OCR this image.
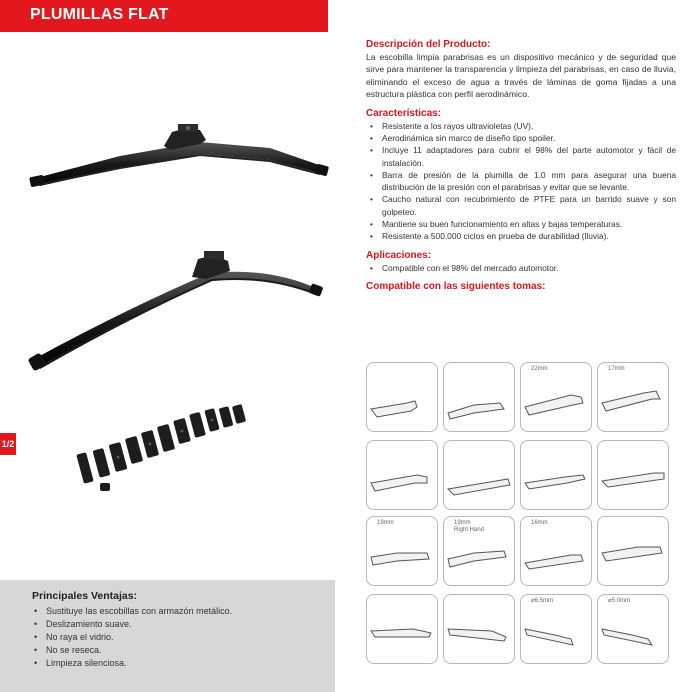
PLUMILLAS FLAT
1/2
Principales Ventajas:
• Sustituye las escobillas con armazón metálico.
• Deslizamiento suave.
• No raya el vidrio.
• No se reseca.
• Limpieza silenciosa.
Descripción del Producto:

La escobilla limpia parabrisas es un dispositivo mecánico y de seguridad que sirve para mantener la transparencia y limpieza del parabrisas, en caso de lluvia, eliminando el exceso de agua a través de láminas de goma fijadas a una estructura plástica con perfil aerodinámico.

Características:
• Resistente a los rayos ultravioletas (UV).
• Aerodinámica sin marco de diseño tipo spoiler.
• Incluye 11 adaptadores para cubrir el 98% del parte automotor y fácil de instalación.
• Barra de presión de la plumilla de 1.0 mm para asegurar una buena distribución de la presión con el parabrisas y evitar que se levante.
• Caucho natural con recubrimiento de PTFE para un barrido suave y son golpeteo.
• Mantiene su buen funcionamiento en altas y bajas temperaturas.
• Resistente a 500.000 ciclos en prueba de durabilidad (lluvia).
Aplicaciones:
• Compatible con el 98% del mercado automotor.
Compatible con las siguientes tomas:
22mm	17mm
19mm	19mm
Right Hand
16mm
⌀6.5mm	⌀5.0mm
